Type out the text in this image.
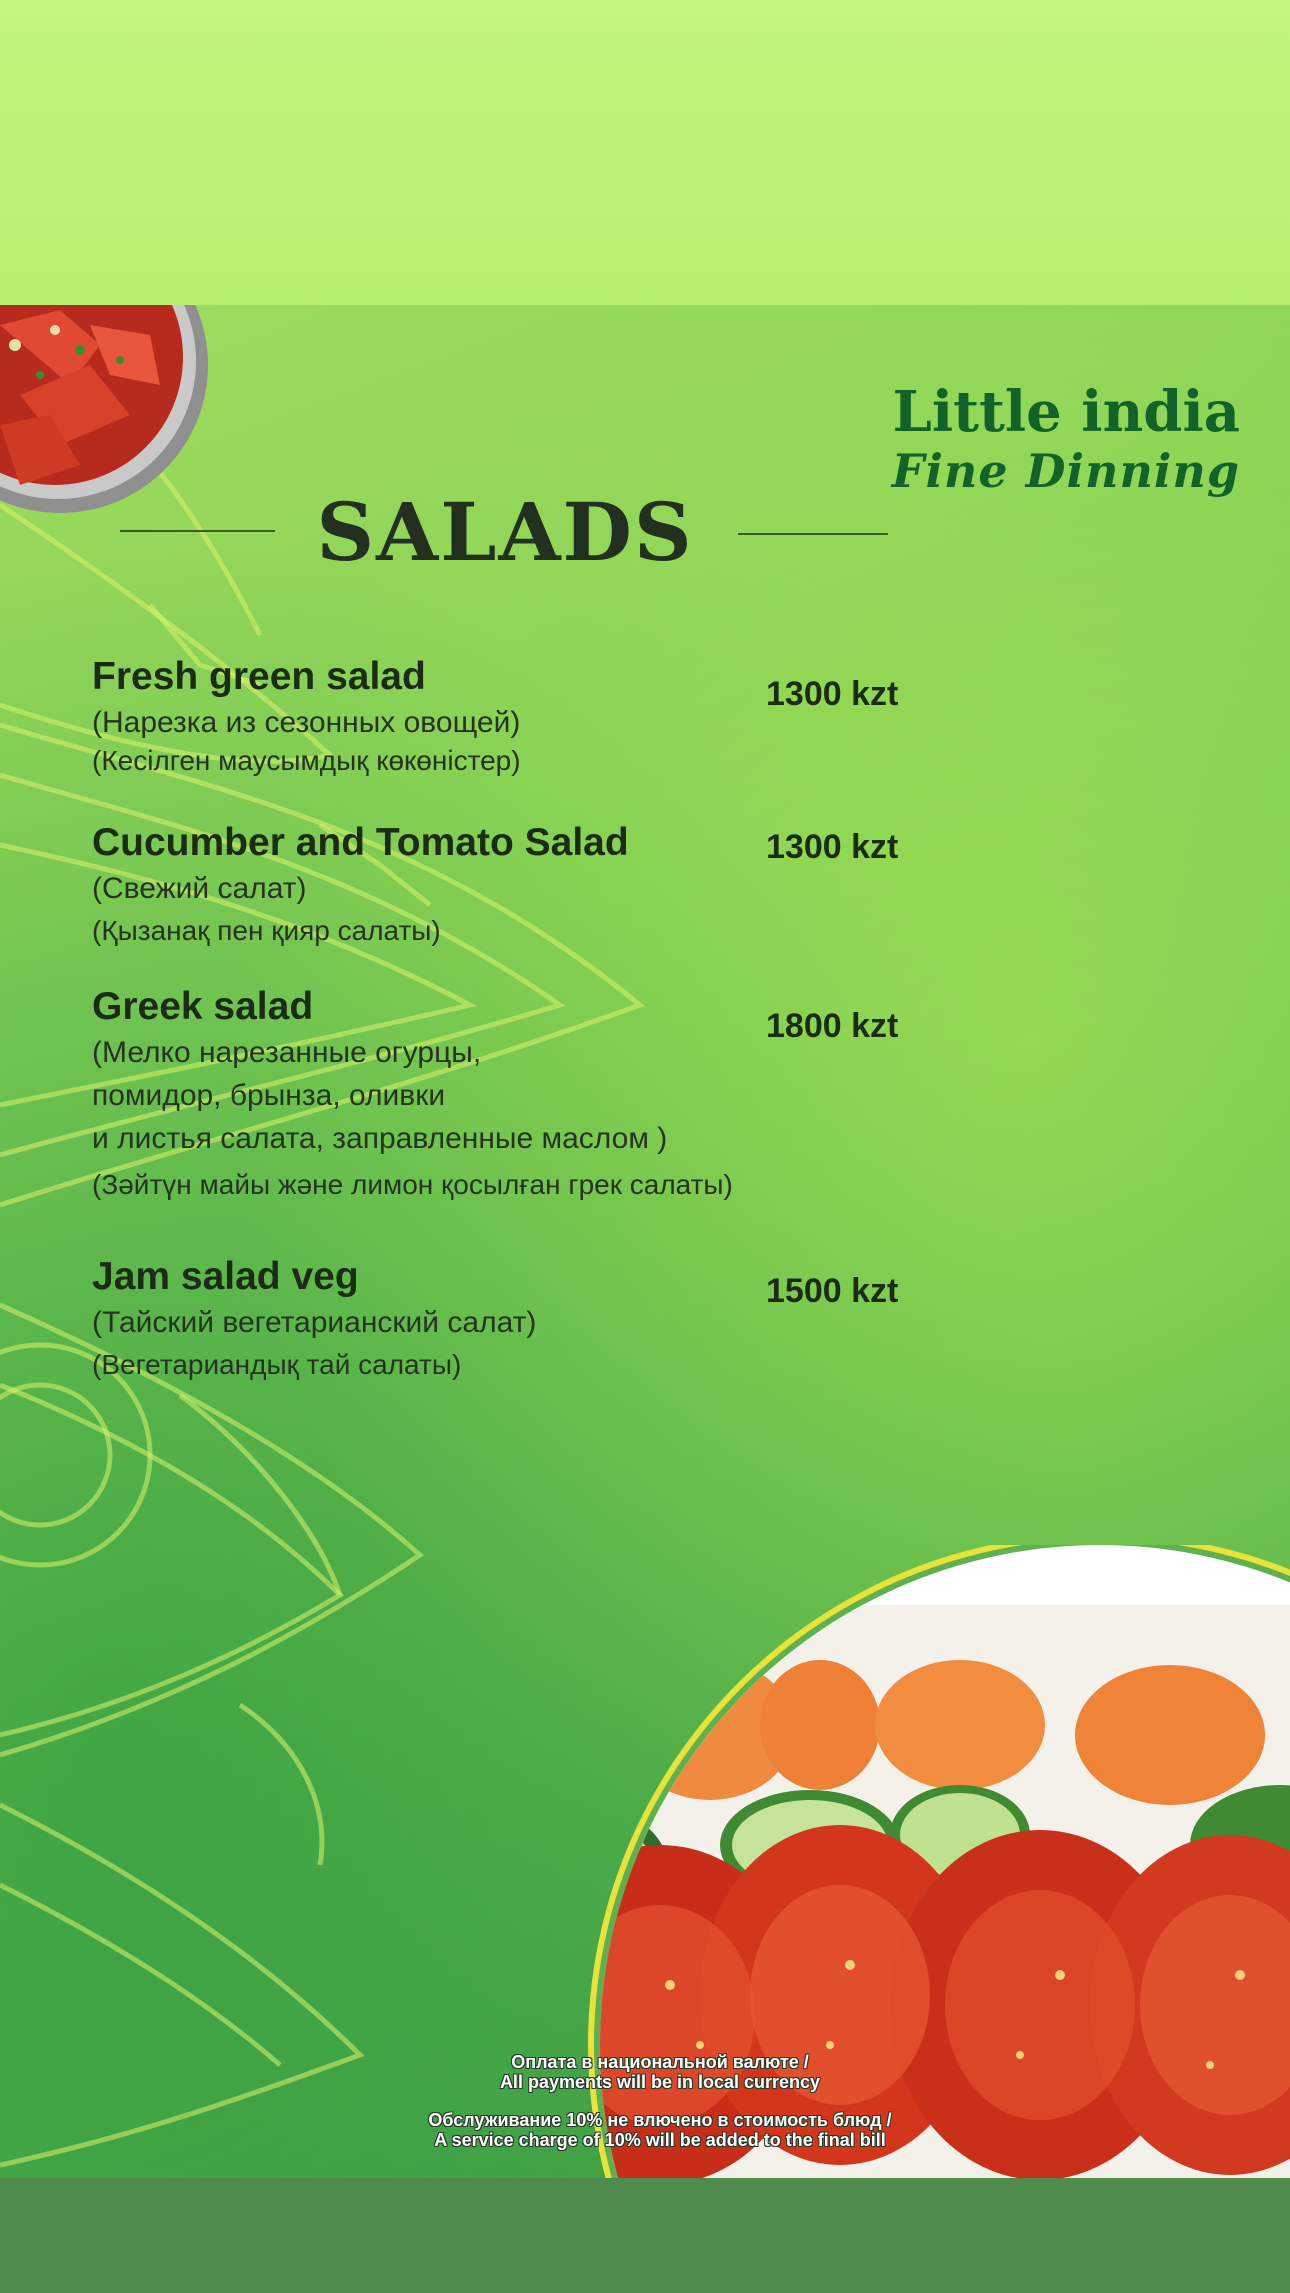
SALADS
Little india
Fine Dinning
Fresh green salad
(Нарезка из сезонных овощей)
(Кесілген маусымдық көкөністер)
1300 kzt
Cucumber and Tomato Salad
(Свежий салат)
(Қызанақ пен қияр салаты)
1300 kzt
Greek salad
(Мелко нарезанные огурцы,
помидор, брынза, оливки
и листья салата, заправленные маслом )
(Зәйтүн майы және лимон қосылған грек салаты)
1800 kzt
Jam salad veg
(Тайский вегетарианский салат)
(Вегетариандық тай салаты)
1500 kzt
Оплата в национальной валюте /
All payments will be in local currency
Обслуживание 10% не влючено в стоимость блюд /
A service charge of 10% will be added to the final bill
